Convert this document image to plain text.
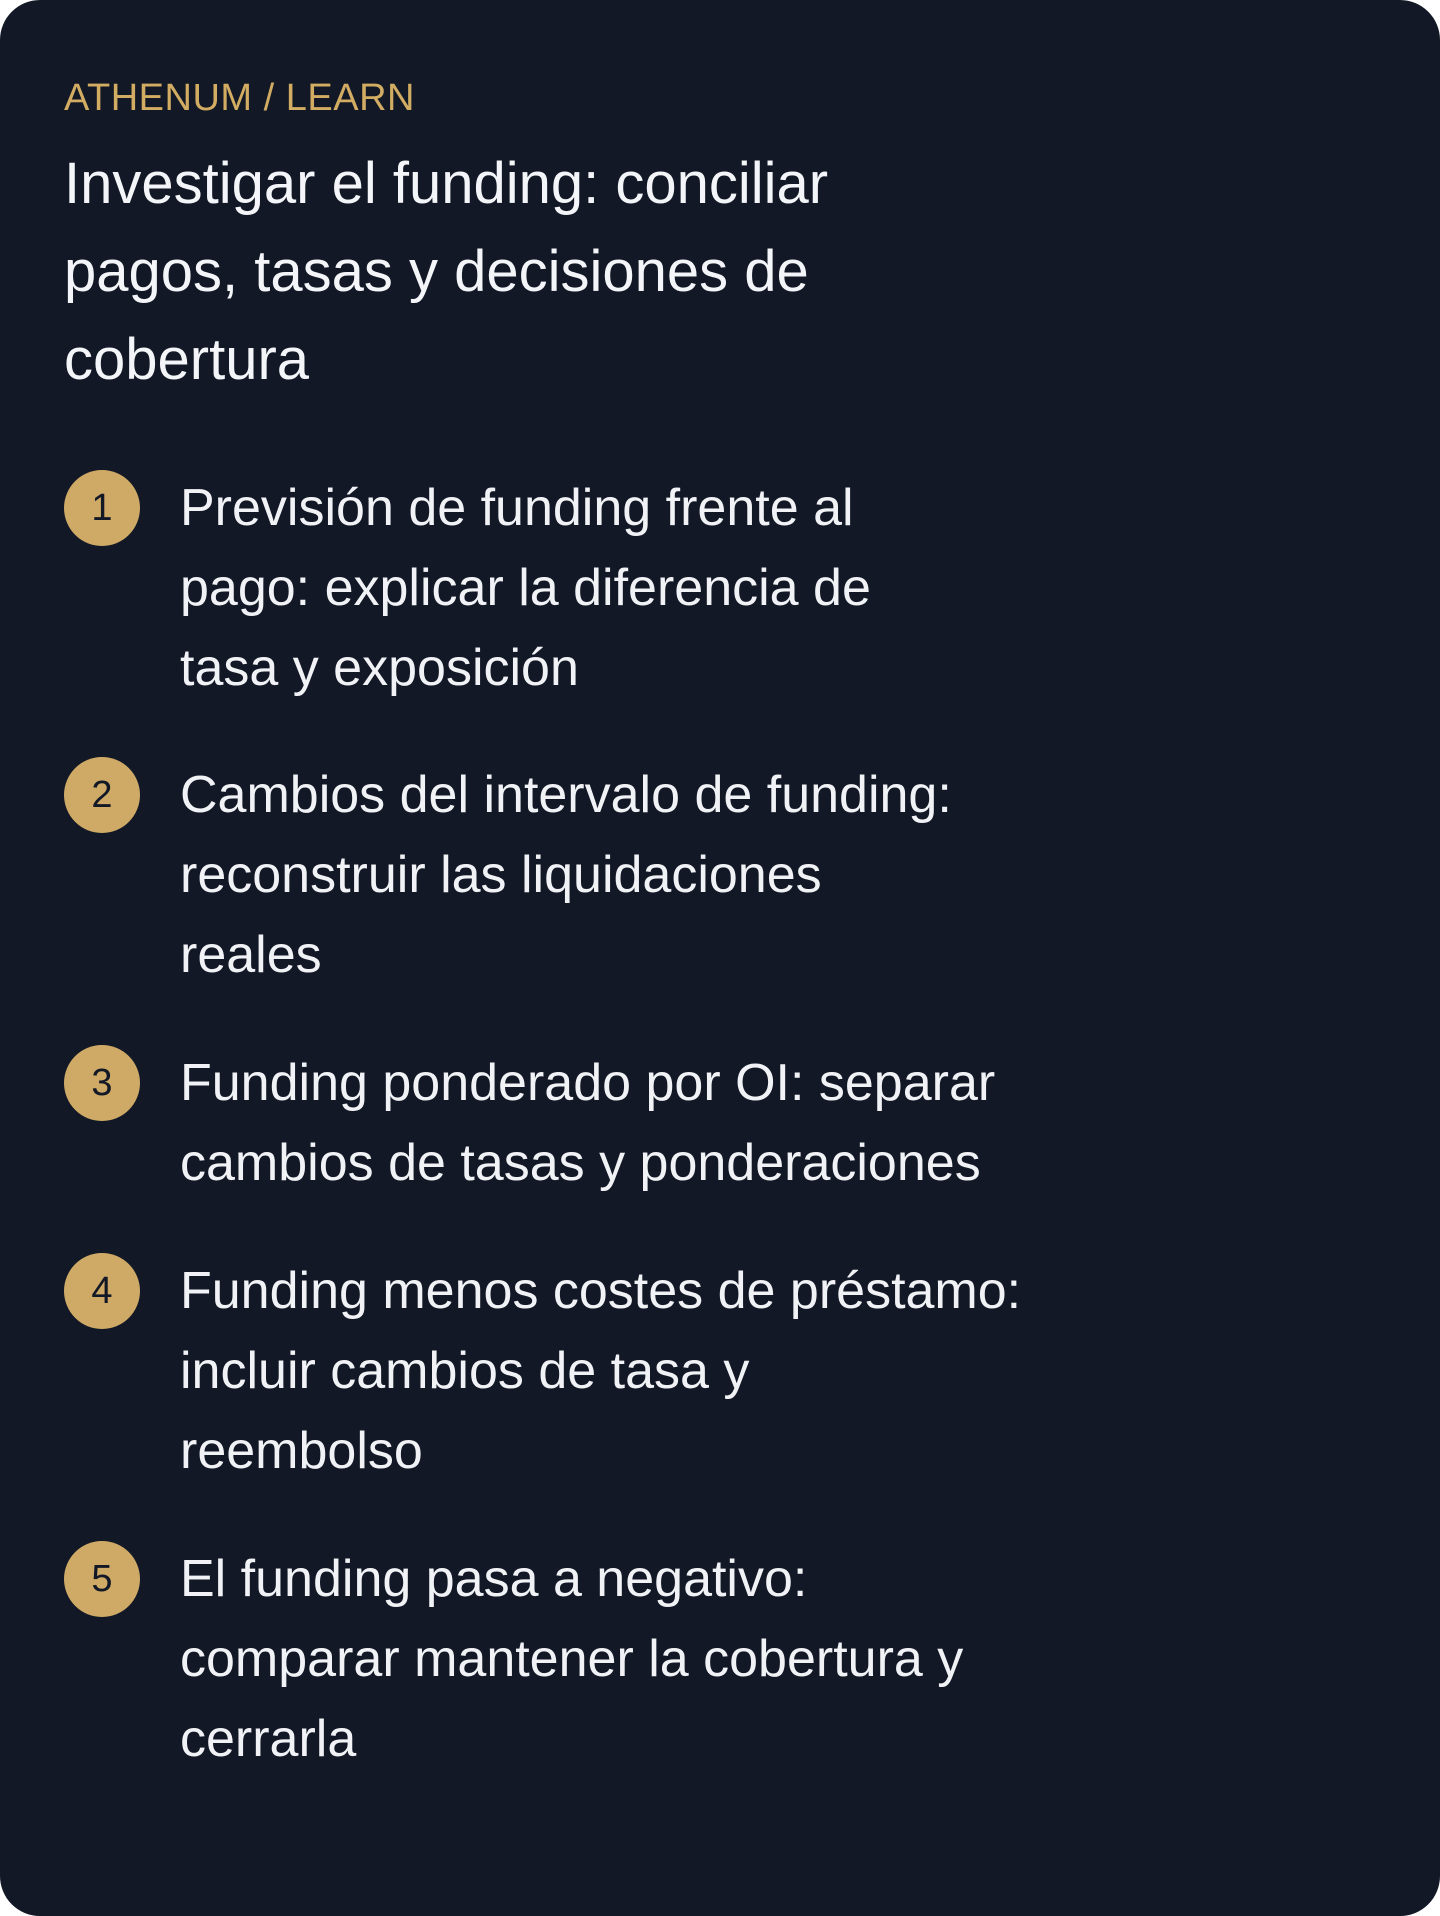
ATHENUM / LEARN
Investigar el funding: conciliar
pagos, tasas y decisiones de
cobertura
1	Previsión de funding frente al
pago: explicar la diferencia de
tasa y exposición
2	Cambios del intervalo de funding:
reconstruir las liquidaciones
reales
3	Funding ponderado por OI: separar
cambios de tasas y ponderaciones
4	Funding menos costes de préstamo:
incluir cambios de tasa y
reembolso
5	El funding pasa a negativo:
comparar mantener la cobertura y
cerrarla
